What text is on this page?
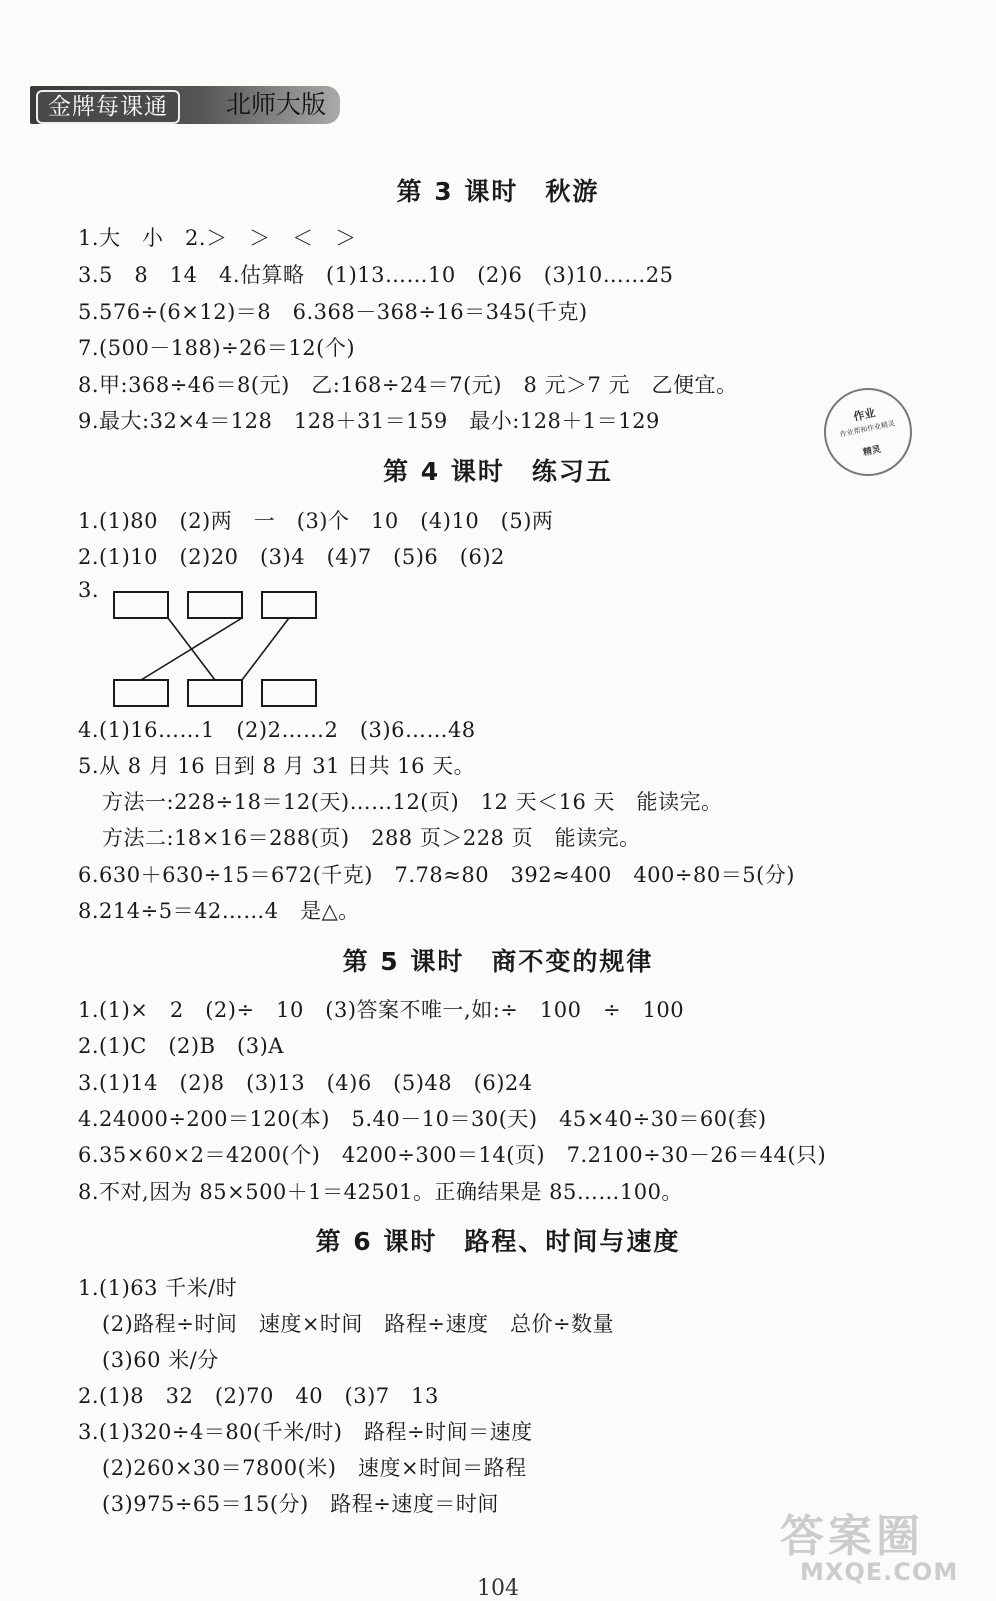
金牌每课通	北师大版
第 3 课时　秋游
1.大　小　2.＞　＞　＜　＞
3.5　8　14　4.估算略　(1)13……10　(2)6　(3)10……25
5.576÷(6×12)＝8　6.368－368÷16＝345(千克)
7.(500－188)÷26＝12(个)
8.甲:368÷46＝8(元)　乙:168÷24＝7(元)　8 元＞7 元　乙便宜。
9.最大:32×4＝128　128＋31＝159　最小:128＋1＝129	作业
作业帮和作业精灵
精灵
第 4 课时　练习五
1.(1)80　(2)两　一　(3)个　10　(4)10　(5)两
2.(1)10　(2)20　(3)4　(4)7　(5)6　(6)2
3.
4.(1)16……1　(2)2……2　(3)6……48
5.从 8 月 16 日到 8 月 31 日共 16 天。
方法一:228÷18＝12(天)……12(页)　12 天＜16 天　能读完。
方法二:18×16＝288(页)　288 页＞228 页　能读完。
6.630＋630÷15＝672(千克)　7.78≈80　392≈400　400÷80＝5(分)
8.214÷5＝42……4　是△。
第 5 课时　商不变的规律
1.(1)×　2　(2)÷　10　(3)答案不唯一,如:÷　100　÷　100
2.(1)C　(2)B　(3)A
3.(1)14　(2)8　(3)13　(4)6　(5)48　(6)24
4.24000÷200＝120(本)　5.40－10＝30(天)　45×40÷30＝60(套)
6.35×60×2＝4200(个)　4200÷300＝14(页)　7.2100÷30－26＝44(只)
8.不对,因为 85×500＋1＝42501。正确结果是 85……100。
第 6 课时　路程、时间与速度
1.(1)63 千米/时
(2)路程÷时间　速度×时间　路程÷速度　总价÷数量
(3)60 米/分
2.(1)8　32　(2)70　40　(3)7　13
3.(1)320÷4＝80(千米/时)　路程÷时间＝速度
(2)260×30＝7800(米)　速度×时间＝路程
(3)975÷65＝15(分)　路程÷速度＝时间
答案圈
MXQE.COM
104
